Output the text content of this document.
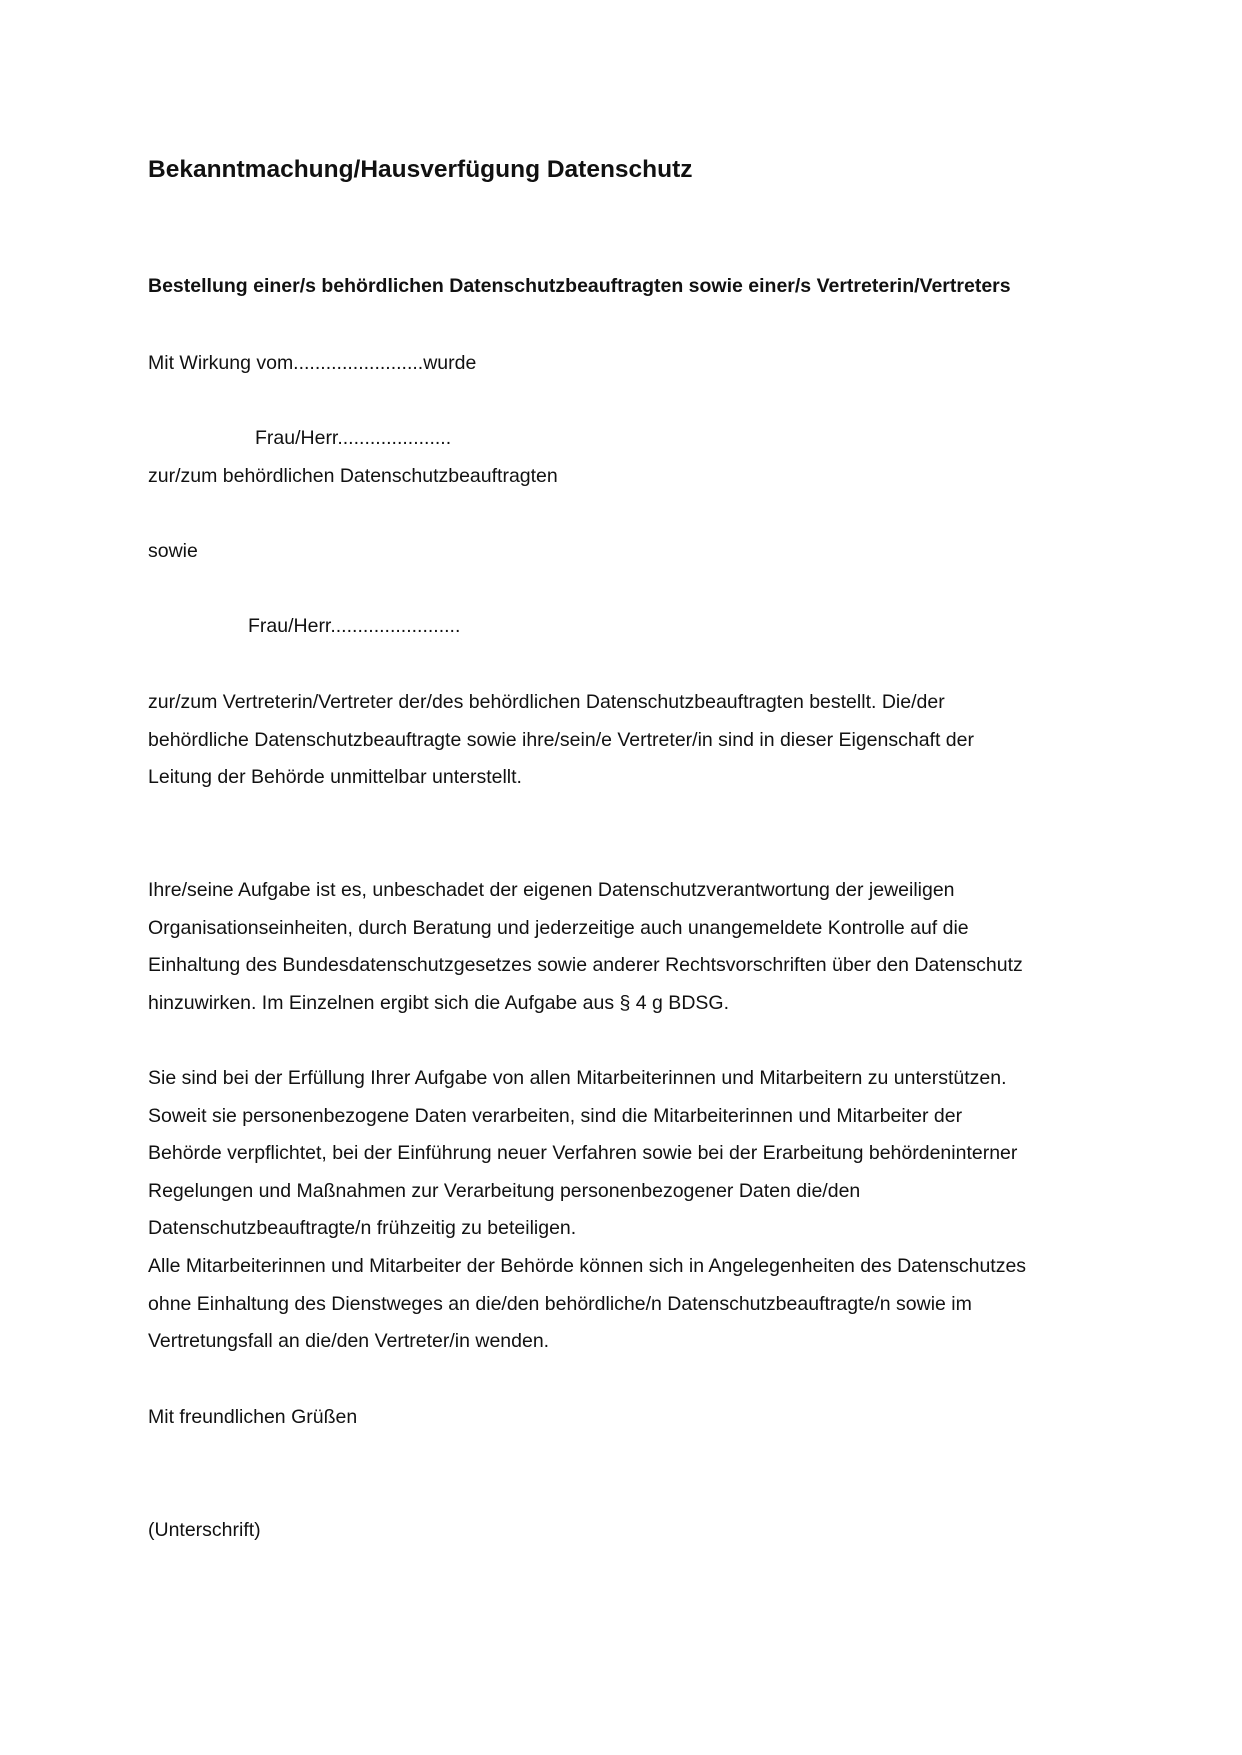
Bekanntmachung/Hausverfügung Datenschutz

Bestellung einer/s behördlichen Datenschutzbeauftragten sowie einer/s Vertreterin/Vertreters

Mit Wirkung vom........................wurde

Frau/Herr.....................

zur/zum behördlichen Datenschutzbeauftragten

sowie

Frau/Herr........................

zur/zum Vertreterin/Vertreter der/des behördlichen Datenschutzbeauftragten bestellt. Die/der

behördliche Datenschutzbeauftragte sowie ihre/sein/e Vertreter/in sind in dieser Eigenschaft der

Leitung der Behörde unmittelbar unterstellt.

Ihre/seine Aufgabe ist es, unbeschadet der eigenen Datenschutzverantwortung der jeweiligen

Organisationseinheiten, durch Beratung und jederzeitige auch unangemeldete Kontrolle auf die

Einhaltung des Bundesdatenschutzgesetzes sowie anderer Rechtsvorschriften über den Datenschutz

hinzuwirken. Im Einzelnen ergibt sich die Aufgabe aus § 4 g BDSG.

Sie sind bei der Erfüllung Ihrer Aufgabe von allen Mitarbeiterinnen und Mitarbeitern zu unterstützen.

Soweit sie personenbezogene Daten verarbeiten, sind die Mitarbeiterinnen und Mitarbeiter der

Behörde verpflichtet, bei der Einführung neuer Verfahren sowie bei der Erarbeitung behördeninterner

Regelungen und Maßnahmen zur Verarbeitung personenbezogener Daten die/den

Datenschutzbeauftragte/n frühzeitig zu beteiligen.

Alle Mitarbeiterinnen und Mitarbeiter der Behörde können sich in Angelegenheiten des Datenschutzes

ohne Einhaltung des Dienstweges an die/den behördliche/n Datenschutzbeauftragte/n sowie im

Vertretungsfall an die/den Vertreter/in wenden.

Mit freundlichen Grüßen

(Unterschrift)
